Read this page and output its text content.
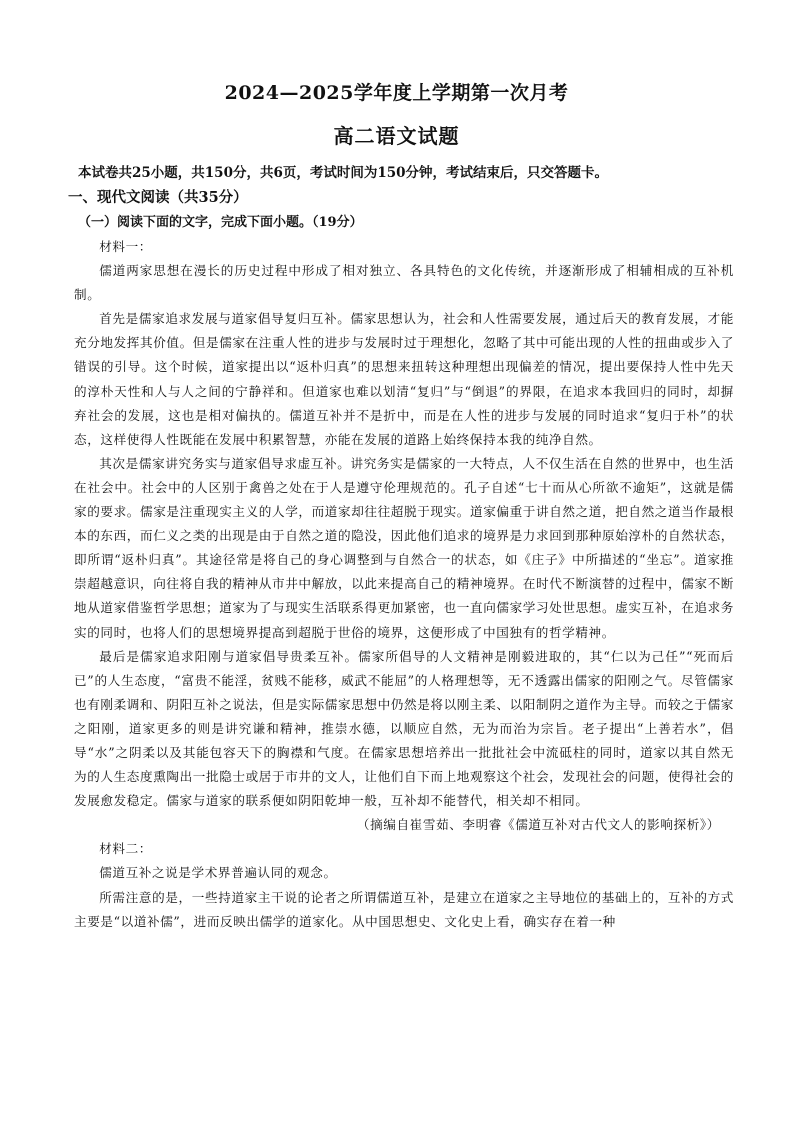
2024—2025学年度上学期第一次月考
高二语文试题
本试卷共25小题，共150分，共6页，考试时间为150分钟，考试结束后，只交答题卡。
一、现代文阅读（共35分）
（一）阅读下面的文字，完成下面小题。（19分）

材料一：

儒道两家思想在漫长的历史过程中形成了相对独立、各具特色的文化传统，并逐渐形成了相辅相成的互补机制。

首先是儒家追求发展与道家倡导复归互补。儒家思想认为，社会和人性需要发展，通过后天的教育发展，才能充分地发挥其价值。但是儒家在注重人性的进步与发展时过于理想化，忽略了其中可能出现的人性的扭曲或步入了错误的引导。这个时候，道家提出以“返朴归真”的思想来扭转这种理想出现偏差的情况，提出要保持人性中先天的淳朴天性和人与人之间的宁静祥和。但道家也难以划清“复归”与“倒退”的界限，在追求本我回归的同时，却摒弃社会的发展，这也是相对偏执的。儒道互补并不是折中，而是在人性的进步与发展的同时追求“复归于朴”的状态，这样使得人性既能在发展中积累智慧，亦能在发展的道路上始终保持本我的纯净自然。

其次是儒家讲究务实与道家倡导求虚互补。讲究务实是儒家的一大特点，人不仅生活在自然的世界中，也生活在社会中。社会中的人区别于禽兽之处在于人是遵守伦理规范的。孔子自述“七十而从心所欲不逾矩”，这就是儒家的要求。儒家是注重现实主义的人学，而道家却往往超脱于现实。道家偏重于讲自然之道，把自然之道当作最根本的东西，而仁义之类的出现是由于自然之道的隐没，因此他们追求的境界是力求回到那种原始淳朴的自然状态，即所谓“返朴归真”。其途径常是将自己的身心调整到与自然合一的状态，如《庄子》中所描述的“坐忘”。道家推崇超越意识，向往将自我的精神从市井中解放，以此来提高自己的精神境界。在时代不断演替的过程中，儒家不断地从道家借鉴哲学思想；道家为了与现实生活联系得更加紧密，也一直向儒家学习处世思想。虚实互补，在追求务实的同时，也将人们的思想境界提高到超脱于世俗的境界，这便形成了中国独有的哲学精神。

最后是儒家追求阳刚与道家倡导贵柔互补。儒家所倡导的人文精神是刚毅进取的，其“仁以为己任”“死而后已”的人生态度，“富贵不能淫，贫贱不能移，威武不能屈”的人格理想等，无不透露出儒家的阳刚之气。尽管儒家也有刚柔调和、阴阳互补之说法，但是实际儒家思想中仍然是将以刚主柔、以阳制阴之道作为主导。而较之于儒家之阳刚，道家更多的则是讲究谦和精神，推崇水德，以顺应自然，无为而治为宗旨。老子提出“上善若水”，倡导“水”之阴柔以及其能包容天下的胸襟和气度。在儒家思想培养出一批批社会中流砥柱的同时，道家以其自然无为的人生态度熏陶出一批隐士或居于市井的文人，让他们自下而上地观察这个社会，发现社会的问题，使得社会的发展愈发稳定。儒家与道家的联系便如阴阳乾坤一般，互补却不能替代，相关却不相同。

（摘编自崔雪茹、李明睿《儒道互补对古代文人的影响探析》）

材料二：

儒道互补之说是学术界普遍认同的观念。

所需注意的是，一些持道家主干说的论者之所谓儒道互补，是建立在道家之主导地位的基础上的，互补的方式主要是“以道补儒”，进而反映出儒学的道家化。从中国思想史、文化史上看，确实存在着一种
